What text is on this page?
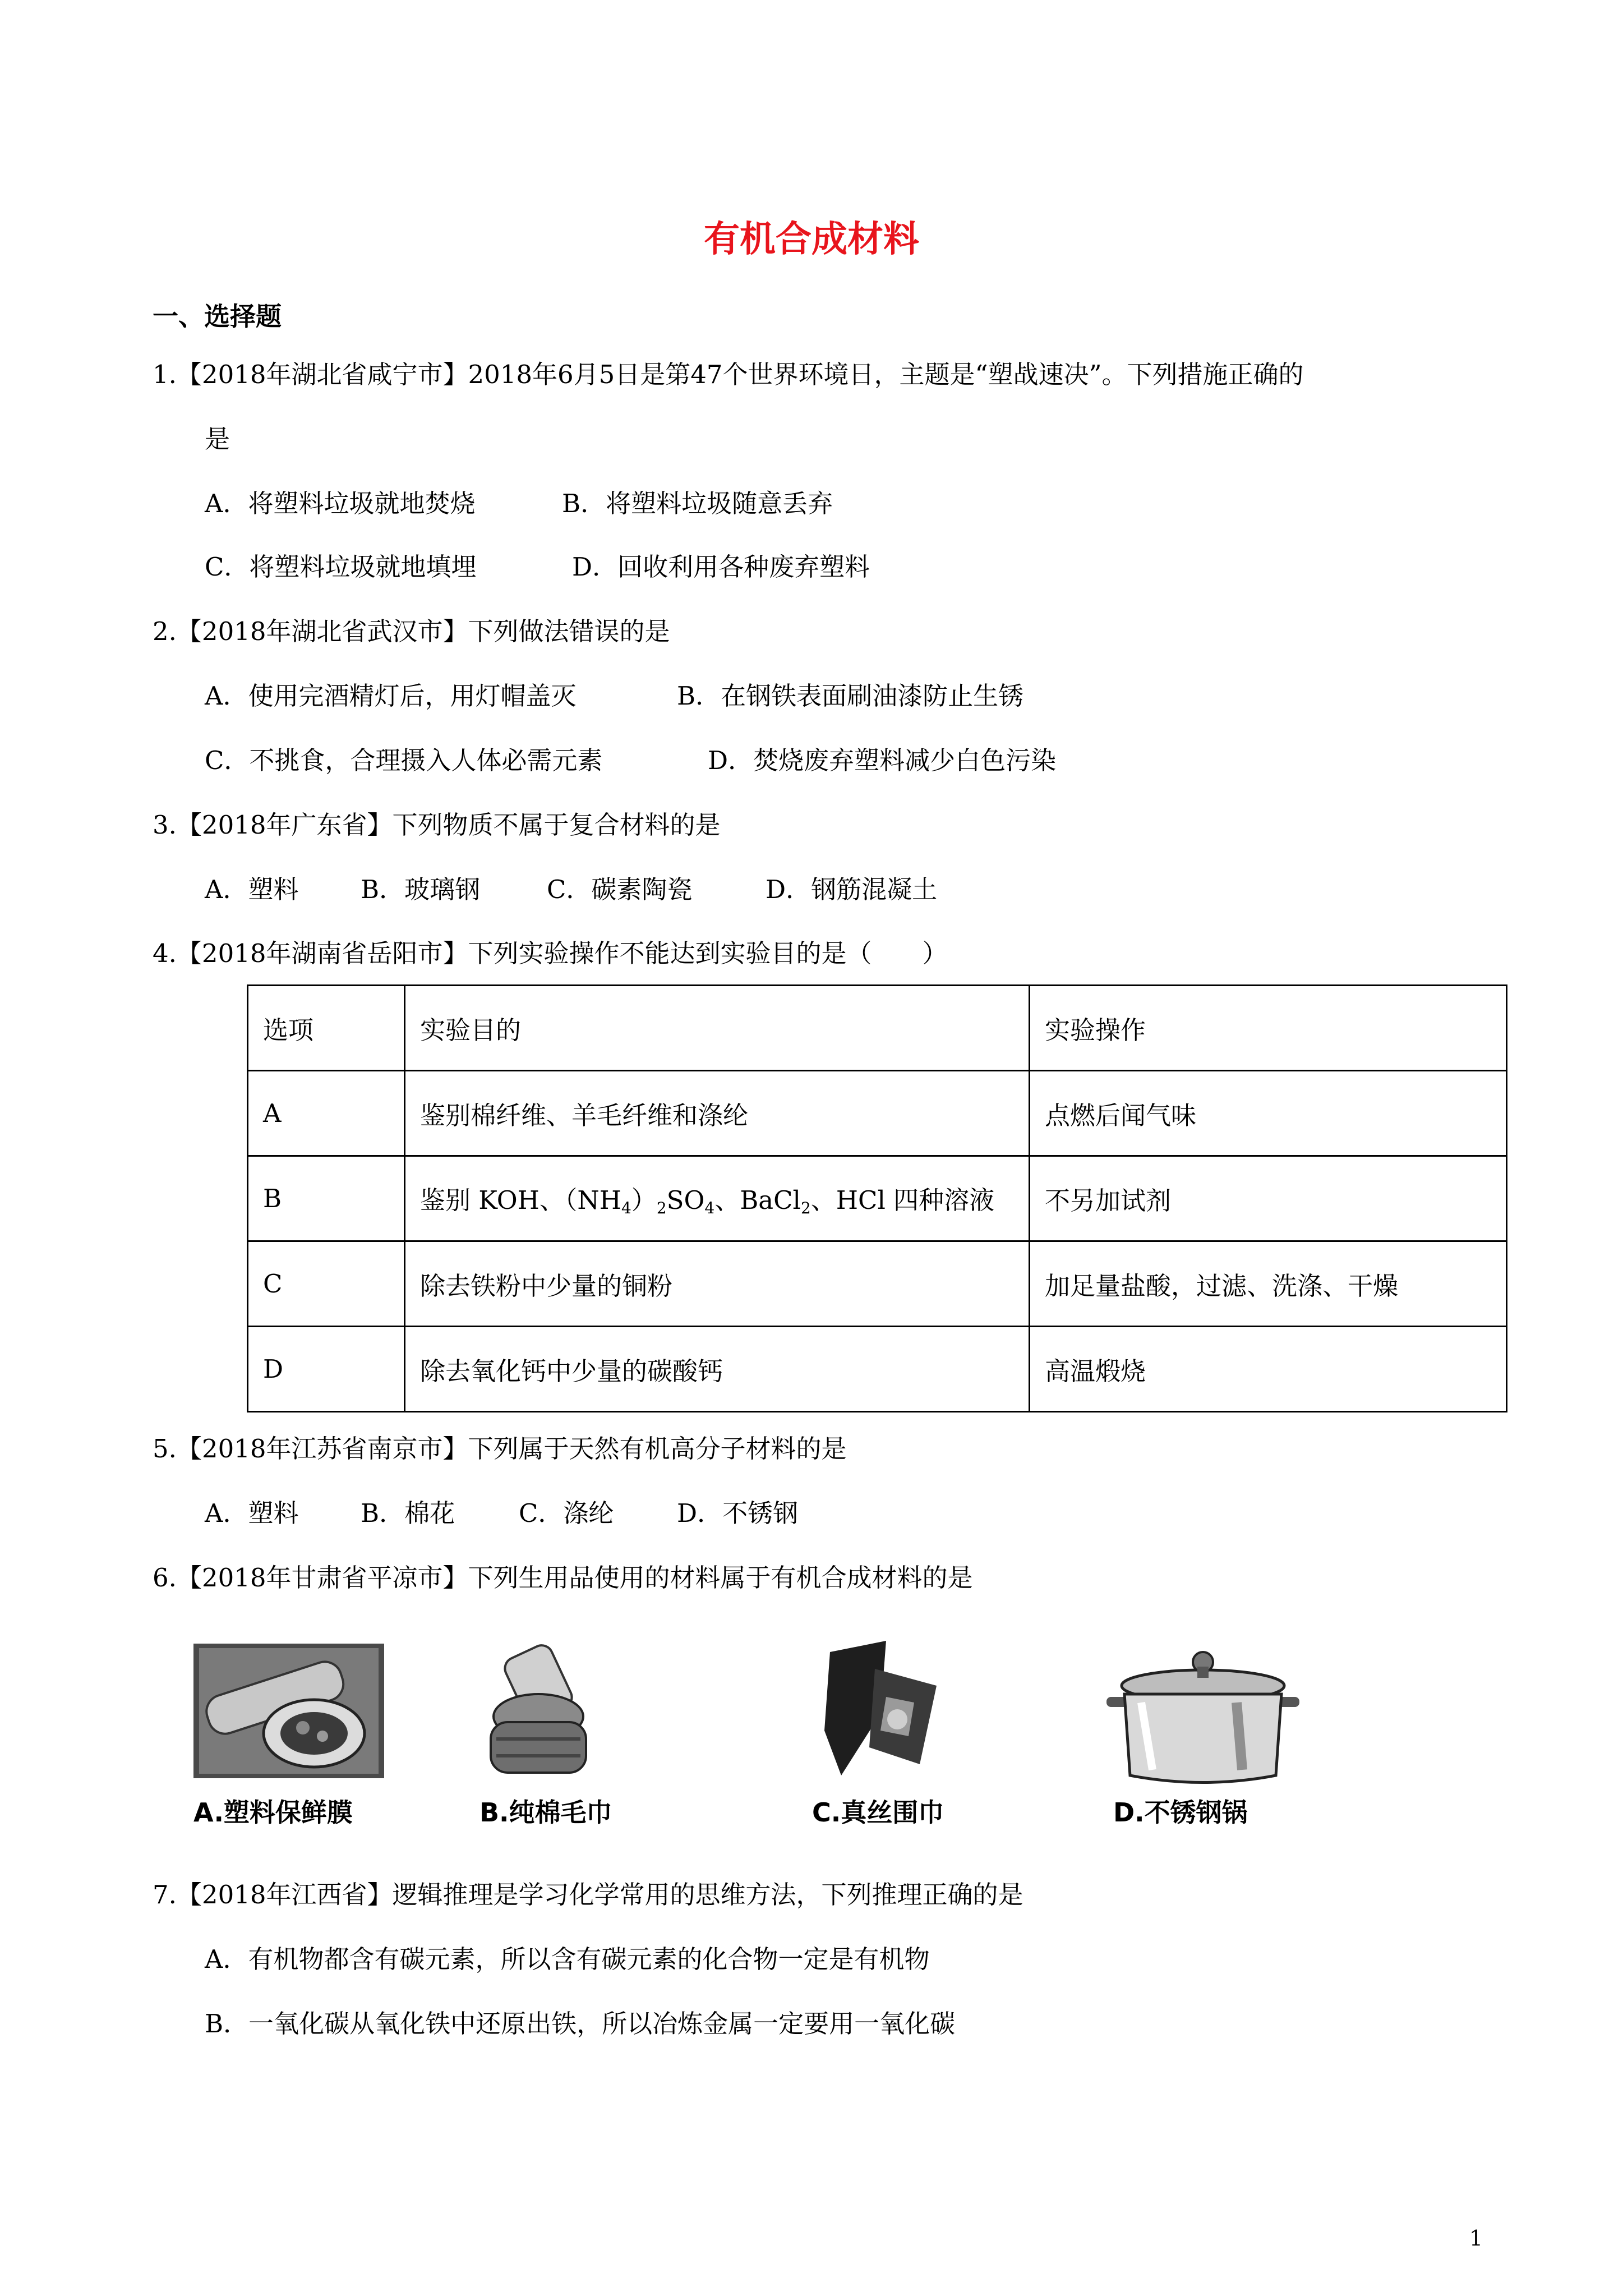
有机合成材料
一、选择题
1.【2018年湖北省咸宁市】2018年6月5日是第47个世界环境日，主题是“塑战速决”。下列措施正确的
是
A．将塑料垃圾就地焚烧	B．将塑料垃圾随意丢弃
C．将塑料垃圾就地填埋	D．回收利用各种废弃塑料
2.【2018年湖北省武汉市】下列做法错误的是
A．使用完酒精灯后，用灯帽盖灭	B．在钢铁表面刷油漆防止生锈
C．不挑食，合理摄入人体必需元素	D．焚烧废弃塑料减少白色污染
3.【2018年广东省】下列物质不属于复合材料的是
A．塑料 B．玻璃钢	C．碳素陶瓷	D．钢筋混凝土
4.【2018年湖南省岳阳市】下列实验操作不能达到实验目的是（　　）
选项	实验目的	实验操作
A	鉴别棉纤维、羊毛纤维和涤纶	点燃后闻气味
B	鉴别 KOH、$(NH_4)_2SO_4$、BaCl$_2$、HCl 四种溶液	不另加试剂
C	除去铁粉中少量的铜粉	加足量盐酸，过滤、洗涤、干燥
D	除去氧化钙中少量的碳酸钙	高温煅烧
5.【2018年江苏省南京市】下列属于天然有机高分子材料的是
A．塑料 B．棉花	C．涤纶	D．不锈钢
6.【2018年甘肃省平凉市】下列生用品使用的材料属于有机合成材料的是
A.塑料保鲜膜	B.纯棉毛巾	C.真丝围巾	D.不锈钢锅
7.【2018年江西省】逻辑推理是学习化学常用的思维方法，下列推理正确的是
A．有机物都含有碳元素，所以含有碳元素的化合物一定是有机物
B．一氧化碳从氧化铁中还原出铁，所以冶炼金属一定要用一氧化碳
1
